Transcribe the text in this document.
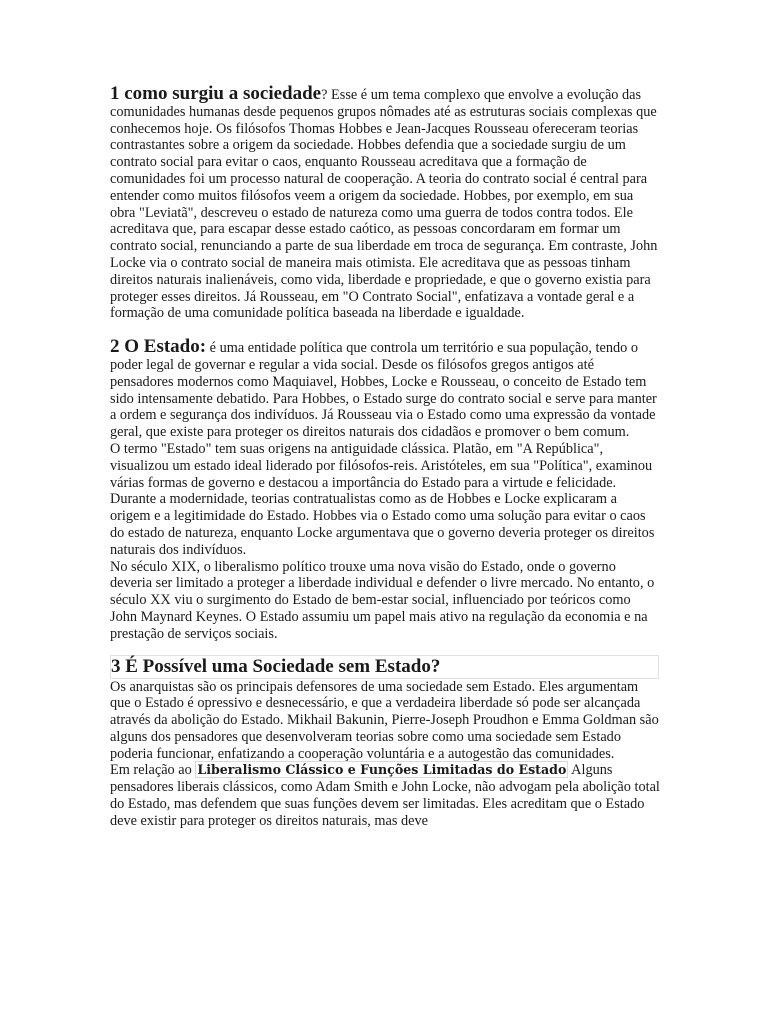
1 como surgiu a sociedade? Esse é um tema complexo que envolve a evolução das comunidades humanas desde pequenos grupos nômades até as estruturas sociais complexas que conhecemos hoje. Os filósofos Thomas Hobbes e Jean-Jacques Rousseau ofereceram teorias contrastantes sobre a origem da sociedade. Hobbes defendia que a sociedade surgiu de um contrato social para evitar o caos, enquanto Rousseau acreditava que a formação de comunidades foi um processo natural de cooperação. A teoria do contrato social é central para entender como muitos filósofos veem a origem da sociedade. Hobbes, por exemplo, em sua obra "Leviatã", descreveu o estado de natureza como uma guerra de todos contra todos. Ele acreditava que, para escapar desse estado caótico, as pessoas concordaram em formar um contrato social, renunciando a parte de sua liberdade em troca de segurança. Em contraste, John Locke via o contrato social de maneira mais otimista. Ele acreditava que as pessoas tinham direitos naturais inalienáveis, como vida, liberdade e propriedade, e que o governo existia para proteger esses direitos. Já Rousseau, em "O Contrato Social", enfatizava a vontade geral e a formação de uma comunidade política baseada na liberdade e igualdade.

2 O Estado: é uma entidade política que controla um território e sua população, tendo o poder legal de governar e regular a vida social. Desde os filósofos gregos antigos até pensadores modernos como Maquiavel, Hobbes, Locke e Rousseau, o conceito de Estado tem sido intensamente debatido. Para Hobbes, o Estado surge do contrato social e serve para manter a ordem e segurança dos indivíduos. Já Rousseau via o Estado como uma expressão da vontade geral, que existe para proteger os direitos naturais dos cidadãos e promover o bem comum.

O termo "Estado" tem suas origens na antiguidade clássica. Platão, em "A República", visualizou um estado ideal liderado por filósofos-reis. Aristóteles, em sua "Política", examinou várias formas de governo e destacou a importância do Estado para a virtude e felicidade. Durante a modernidade, teorias contratualistas como as de Hobbes e Locke explicaram a origem e a legitimidade do Estado. Hobbes via o Estado como uma solução para evitar o caos do estado de natureza, enquanto Locke argumentava que o governo deveria proteger os direitos naturais dos indivíduos.

No século XIX, o liberalismo político trouxe uma nova visão do Estado, onde o governo deveria ser limitado a proteger a liberdade individual e defender o livre mercado. No entanto, o século XX viu o surgimento do Estado de bem-estar social, influenciado por teóricos como John Maynard Keynes. O Estado assumiu um papel mais ativo na regulação da economia e na prestação de serviços sociais.

3 É Possível uma Sociedade sem Estado?

Os anarquistas são os principais defensores de uma sociedade sem Estado. Eles argumentam que o Estado é opressivo e desnecessário, e que a verdadeira liberdade só pode ser alcançada através da abolição do Estado. Mikhail Bakunin, Pierre-Joseph Proudhon e Emma Goldman são alguns dos pensadores que desenvolveram teorias sobre como uma sociedade sem Estado poderia funcionar, enfatizando a cooperação voluntária e a autogestão das comunidades.

Em relação ao Liberalismo Clássico e Funções Limitadas do Estado Alguns pensadores liberais clássicos, como Adam Smith e John Locke, não advogam pela abolição total do Estado, mas defendem que suas funções devem ser limitadas. Eles acreditam que o Estado deve existir para proteger os direitos naturais, mas deve
